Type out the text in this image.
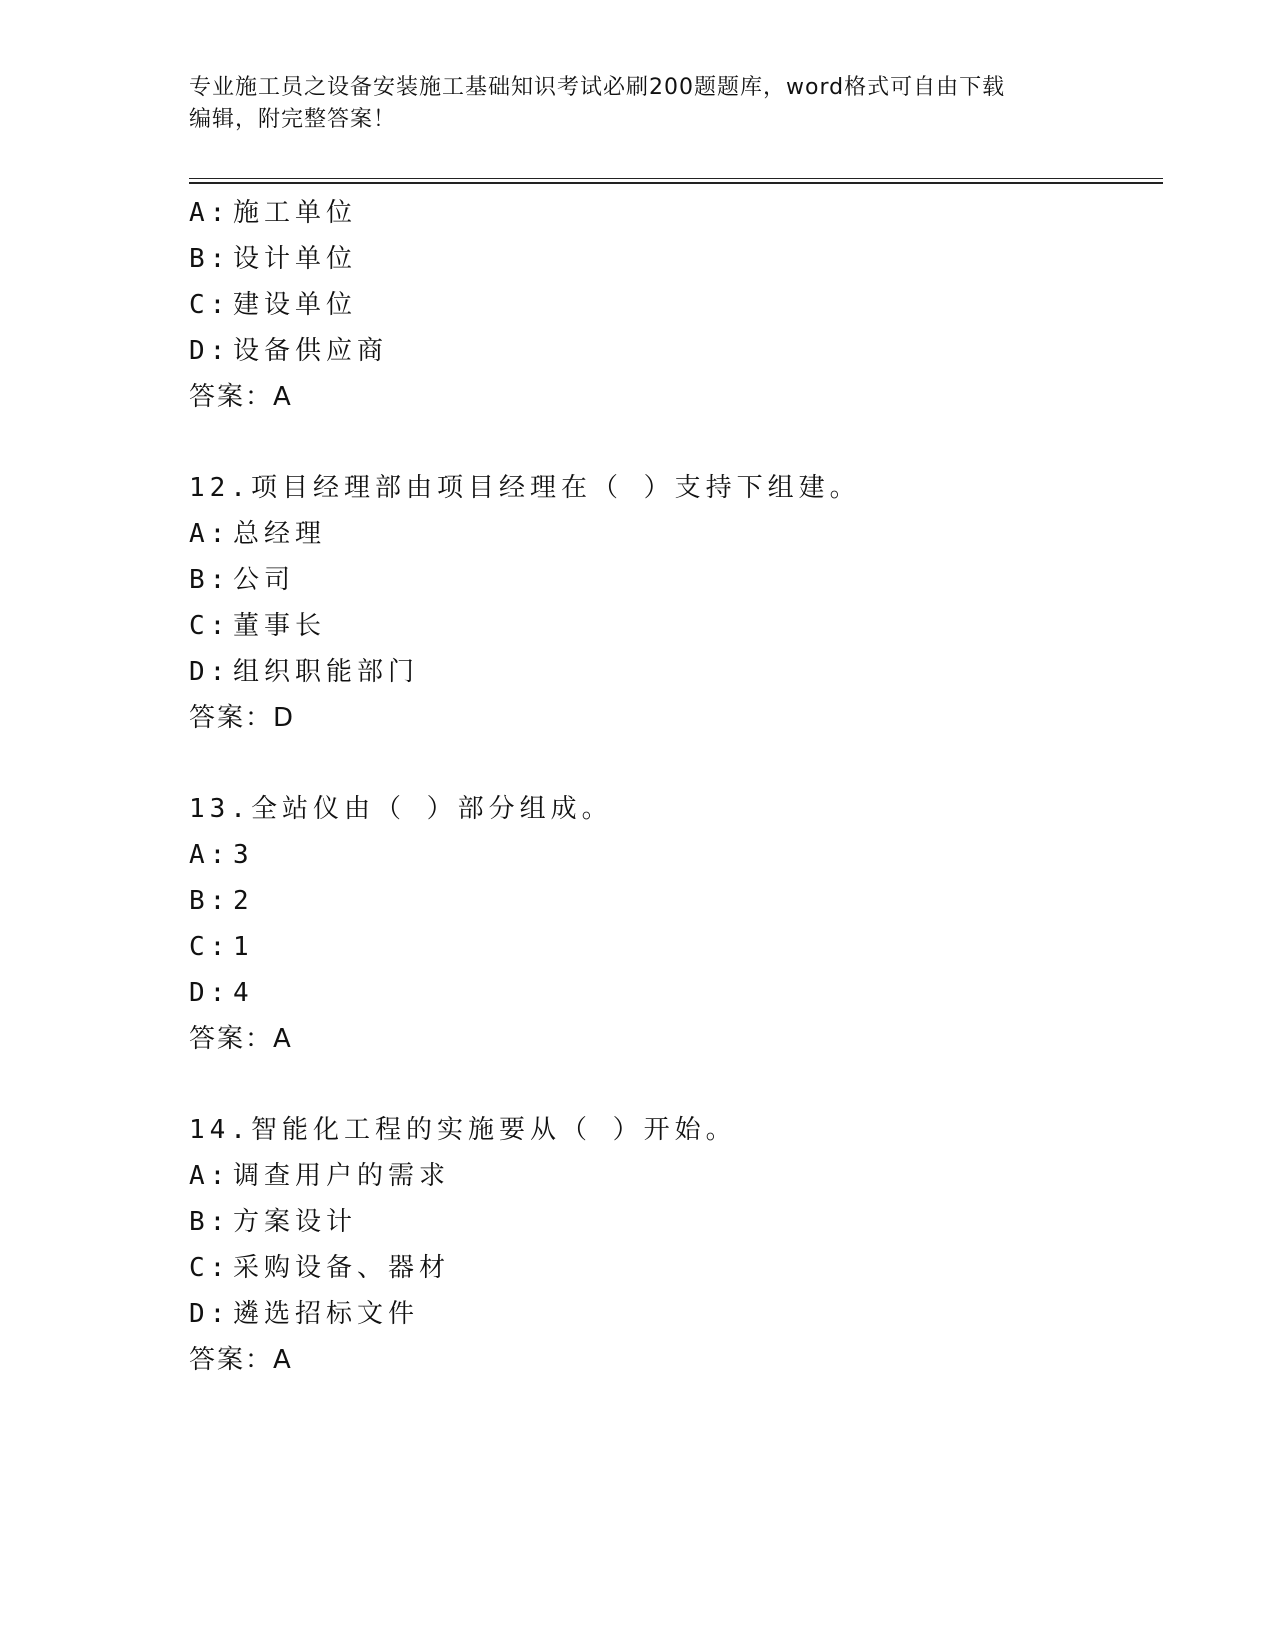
专业施工员之设备安装施工基础知识考试必刷200题题库，word格式可自由下载
编辑，附完整答案！
A: 施工单位
B: 设计单位
C: 建设单位
D: 设备供应商
答案：A
12.项目经理部由项目经理在（ ）支持下组建。
A: 总经理
B: 公司
C: 董事长
D: 组织职能部门
答案：D
13.全站仪由（ ）部分组成。
A: 3
B: 2
C: 1
D: 4
答案：A
14.智能化工程的实施要从（ ）开始。
A: 调查用户的需求
B: 方案设计
C: 采购设备、器材
D: 遴选招标文件
答案：A
